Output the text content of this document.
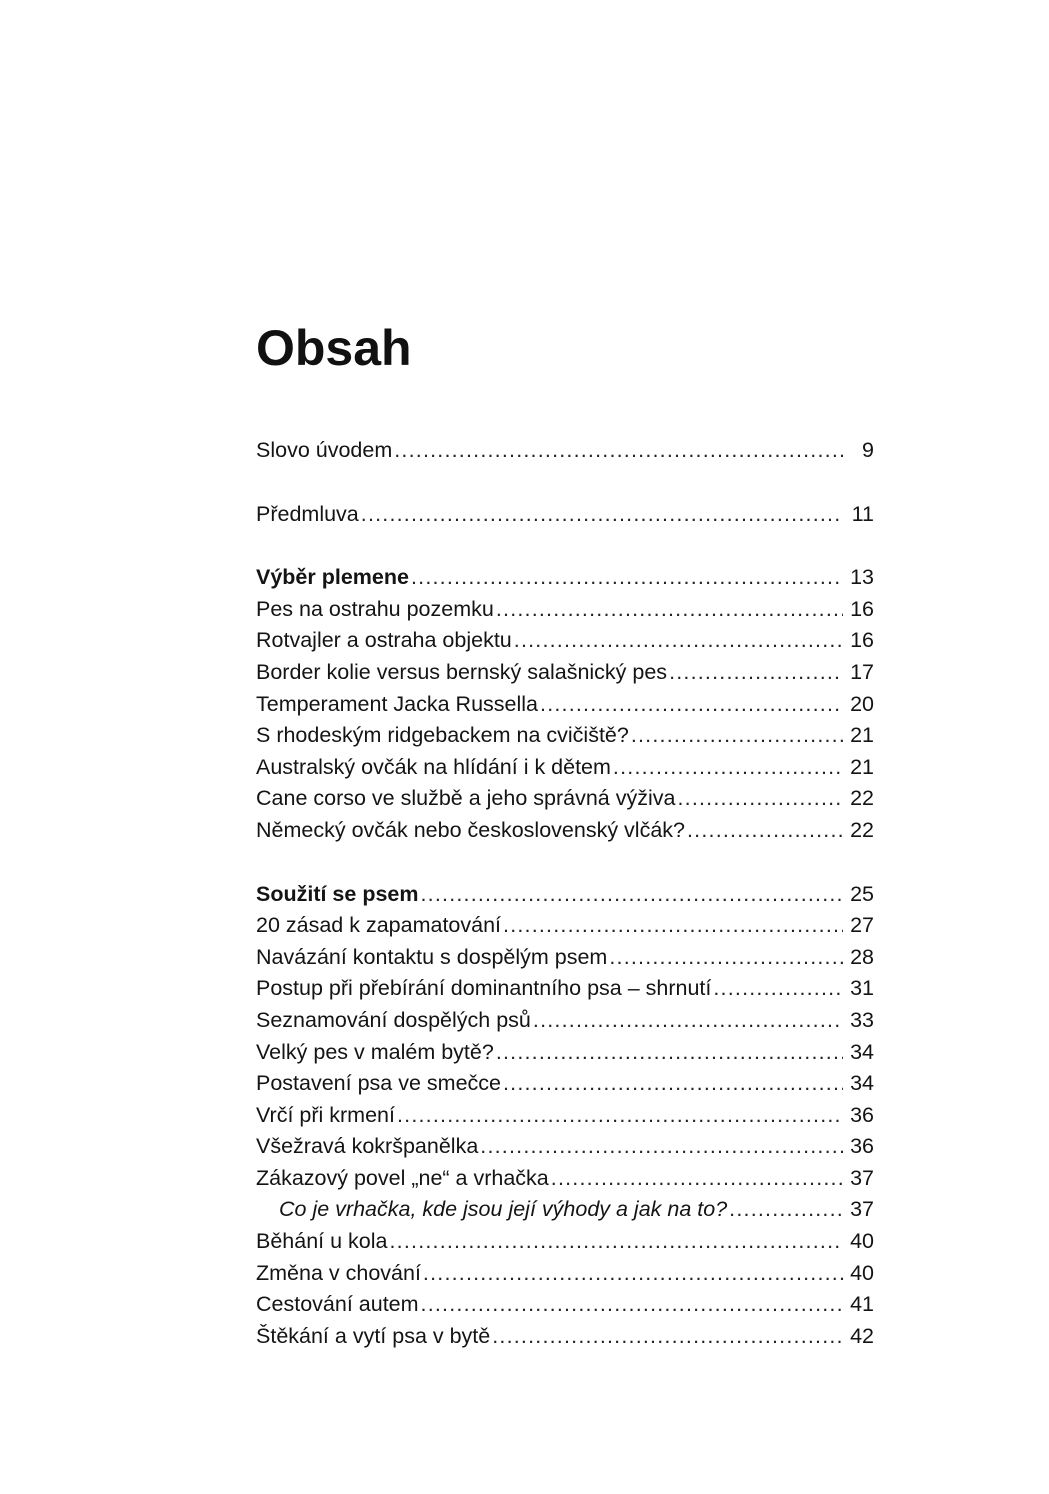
Obsah
Slovo úvodem .....	9
Předmluva .....	11
Výběr plemene .....	13
Pes na ostrahu pozemku .....	16
Rotvajler a ostraha objektu .....	16
Border kolie versus bernský salašnický pes .....	17
Temperament Jacka Russella .....	20
S rhodeským ridgebackem na cvičiště? .....	21
Australský ovčák na hlídání i k dětem .....	21
Cane corso ve službě a jeho správná výživa .....	22
Německý ovčák nebo československý vlčák? .....	22
Soužití se psem .....	25
20 zásad k zapamatování .....	27
Navázání kontaktu s dospělým psem .....	28
Postup při přebírání dominantního psa – shrnutí .....	31
Seznamování dospělých psů .....	33
Velký pes v malém bytě? .....	34
Postavení psa ve smečce .....	34
Vrčí při krmení .....	36
Všežravá kokršpanělka .....	36
Zákazový povel „ne“ a vrhačka .....	37
Co je vrhačka, kde jsou její výhody a jak na to? .....	37
Běhání u kola .....	40
Změna v chování .....	40
Cestování autem .....	41
Štěkání a vytí psa v bytě .....	42
